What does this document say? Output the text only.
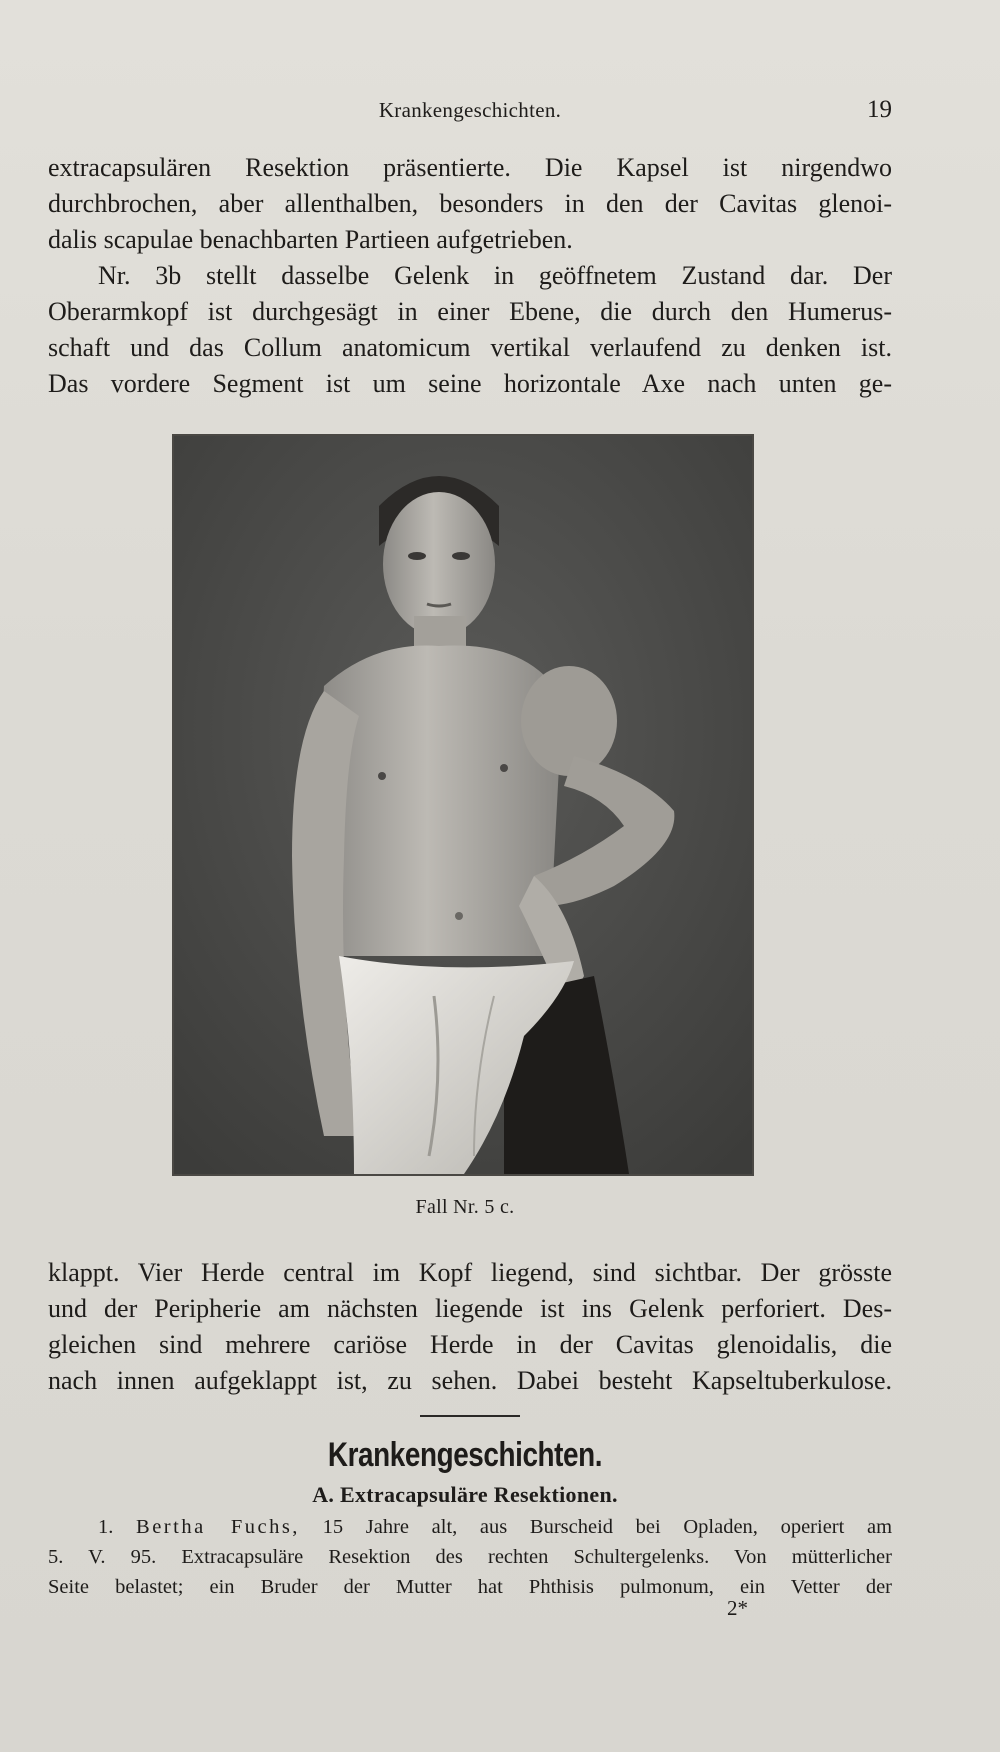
Krankengeschichten.	19
extracapsulären Resektion präsentierte. Die Kapsel ist nirgendwo
durchbrochen, aber allenthalben, besonders in den der Cavitas glenoi-
dalis scapulae benachbarten Partieen aufgetrieben.
Nr. 3b stellt dasselbe Gelenk in geöffnetem Zustand dar. Der
Oberarmkopf ist durchgesägt in einer Ebene, die durch den Humerus-
schaft und das Collum anatomicum vertikal verlaufend zu denken ist.
Das vordere Segment ist um seine horizontale Axe nach unten ge-
Fall Nr. 5 c.
klappt. Vier Herde central im Kopf liegend, sind sichtbar. Der grösste
und der Peripherie am nächsten liegende ist ins Gelenk perforiert. Des-
gleichen sind mehrere cariöse Herde in der Cavitas glenoidalis, die
nach innen aufgeklappt ist, zu sehen. Dabei besteht Kapseltuberkulose.
Krankengeschichten.
A. Extracapsuläre Resektionen.
1. Bertha Fuchs, 15 Jahre alt, aus Burscheid bei Opladen, operiert am
5. V. 95. Extracapsuläre Resektion des rechten Schultergelenks. Von mütterlicher
Seite belastet; ein Bruder der Mutter hat Phthisis pulmonum, ein Vetter der
2*
